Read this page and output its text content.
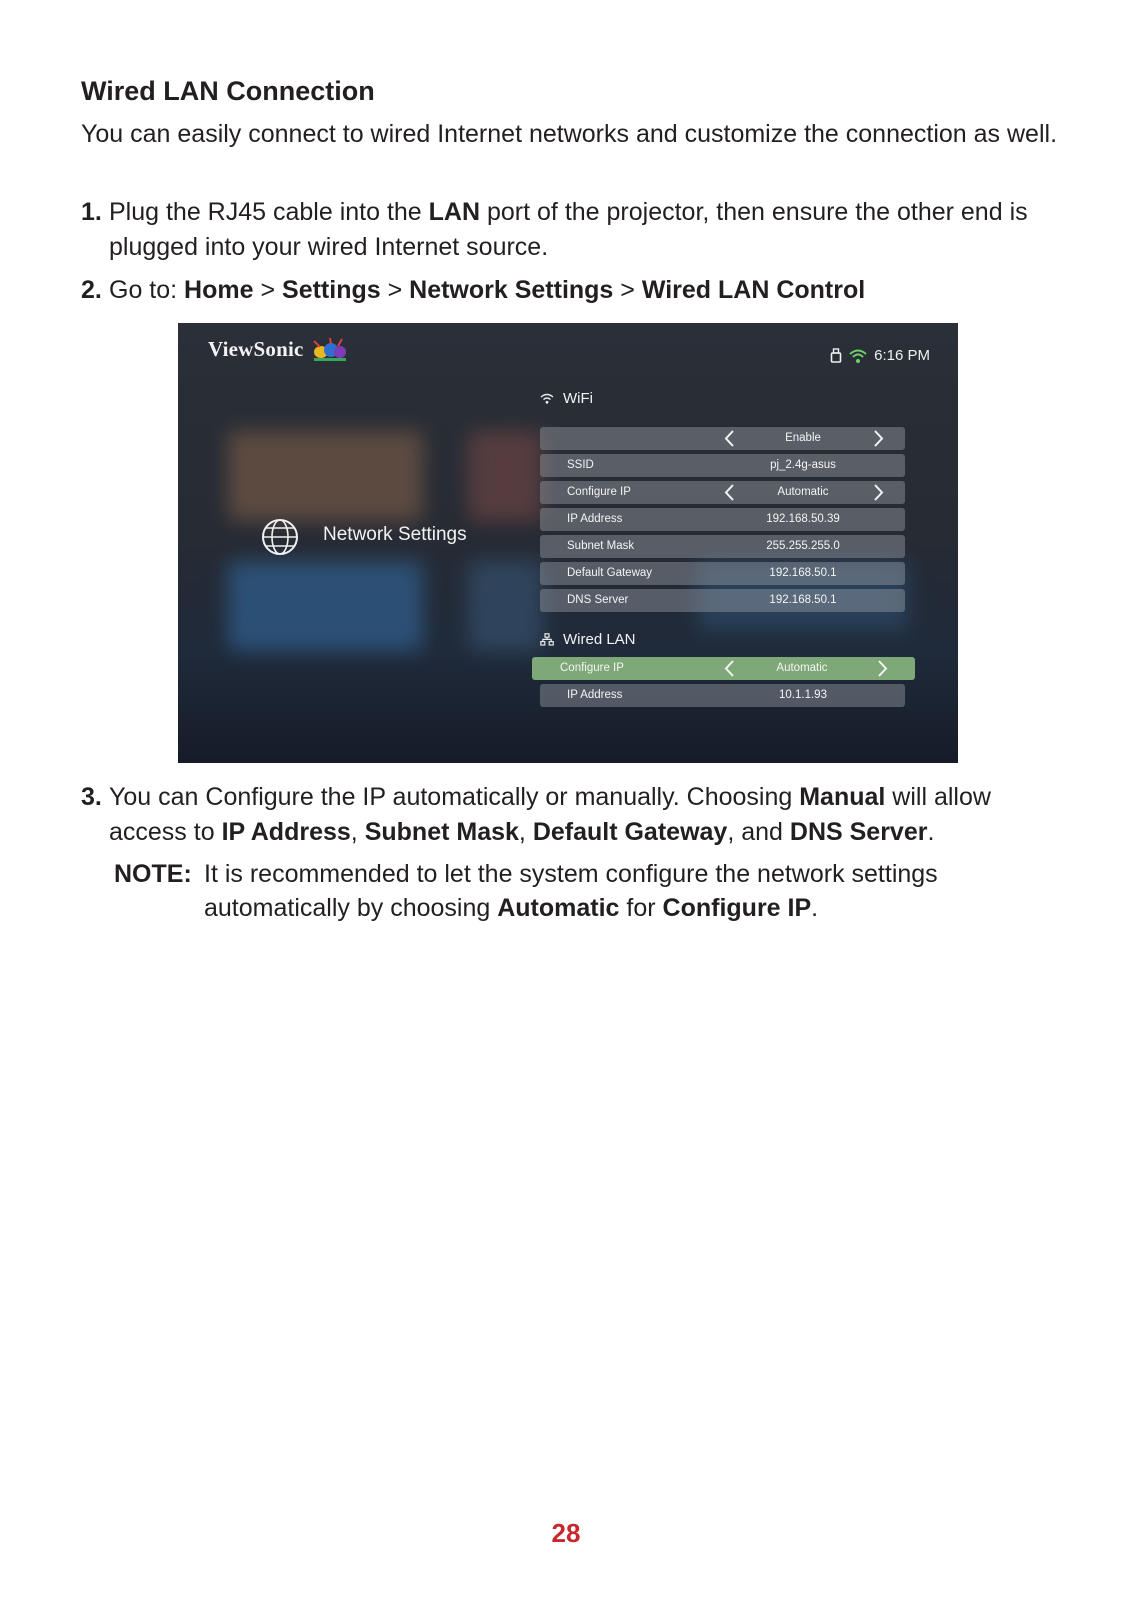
Wired LAN Connection

You can easily connect to wired Internet networks and customize the connection as well.

1. Plug the RJ45 cable into the LAN port of the projector, then ensure the other end is plugged into your wired Internet source.
2. Go to: Home > Settings > Network Settings > Wired LAN Control
ViewSonic	6:16 PM
Network Settings
WiFi
Enable
SSID	pj_2.4g-asus
Configure IP	Automatic
IP Address	192.168.50.39
Subnet Mask	255.255.255.0
Default Gateway	192.168.50.1
DNS Server	192.168.50.1
Wired LAN
Configure IP	Automatic
IP Address	10.1.1.93
3. You can Configure the IP automatically or manually. Choosing Manual will allow access to IP Address, Subnet Mask, Default Gateway, and DNS Server.
NOTE: It is recommended to let the system configure the network settings automatically by choosing Automatic for Configure IP.
28
